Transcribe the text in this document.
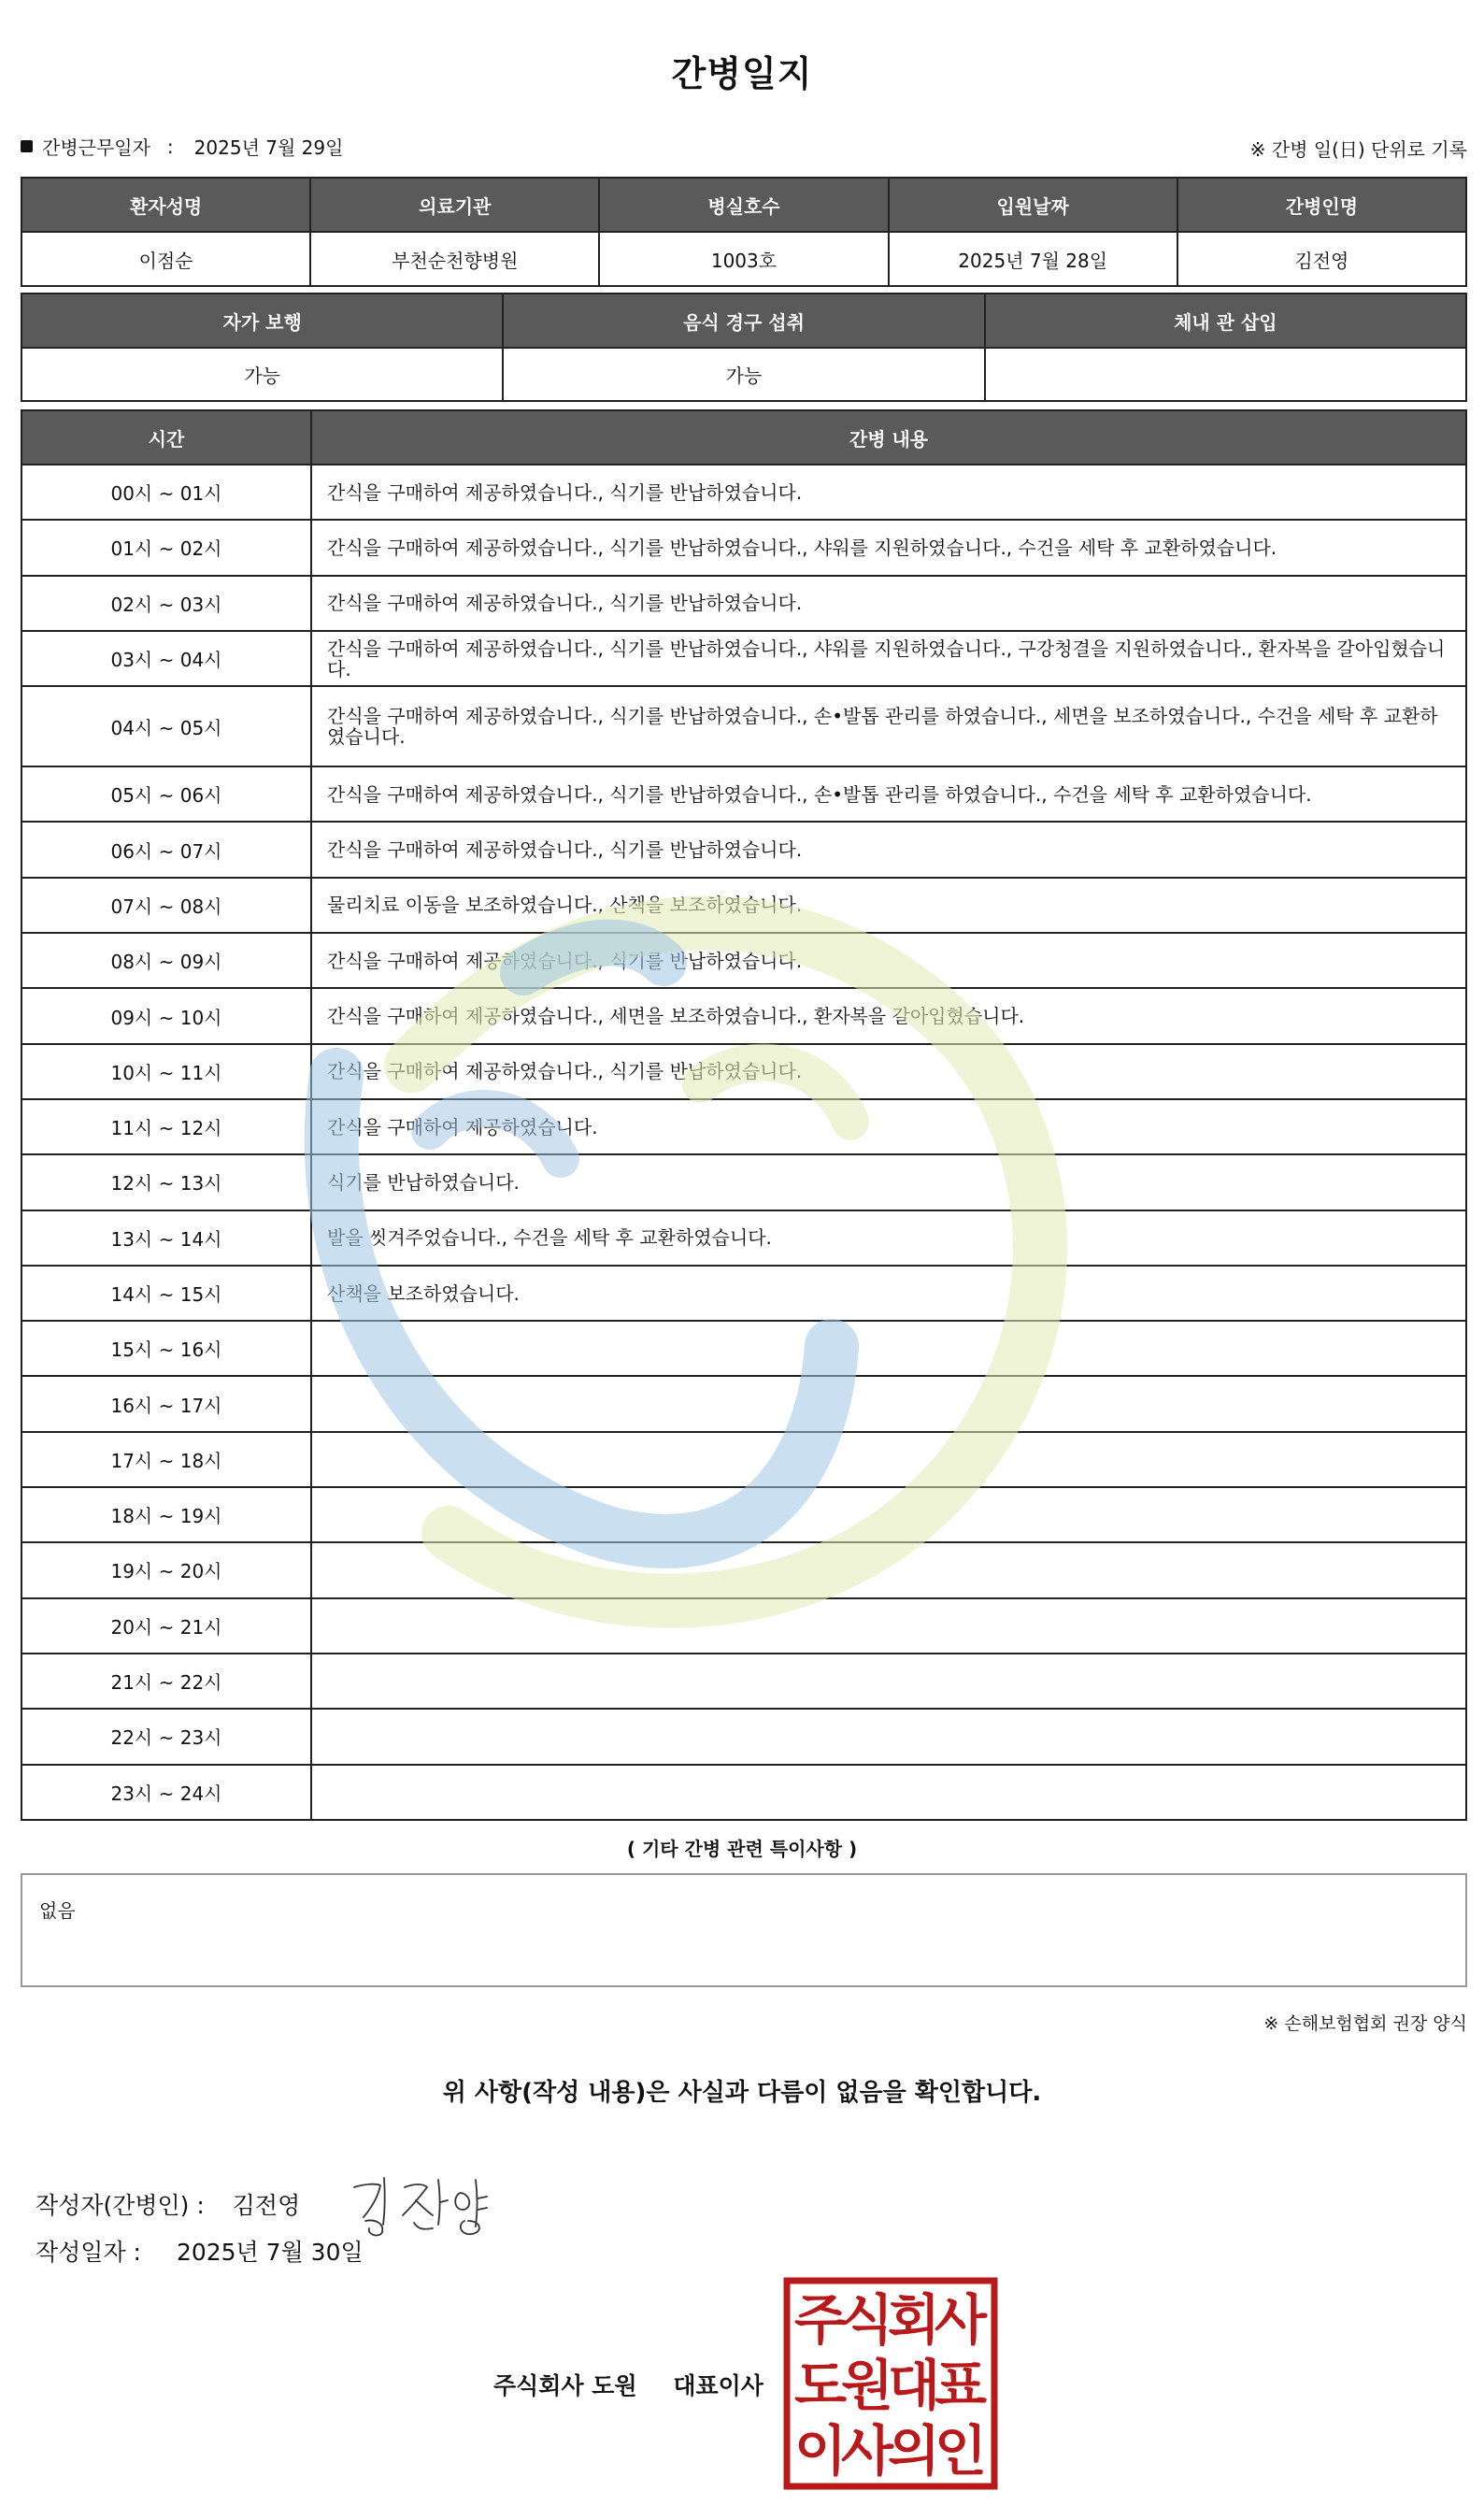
간병일지
간병근무일자 : 2025년 7월 29일	※ 간병 일(日) 단위로 기록
환자성명	의료기관	병실호수	입원날짜	간병인명
이점순	부천순천향병원	1003호	2025년 7월 28일	김전영
자가 보행	음식 경구 섭취	체내 관 삽입
가능	가능	
시간	간병 내용
00시 ~ 01시	간식을 구매하여 제공하였습니다., 식기를 반납하였습니다.
01시 ~ 02시	간식을 구매하여 제공하였습니다., 식기를 반납하였습니다., 샤워를 지원하였습니다., 수건을 세탁 후 교환하였습니다.
02시 ~ 03시	간식을 구매하여 제공하였습니다., 식기를 반납하였습니다.
03시 ~ 04시	간식을 구매하여 제공하였습니다., 식기를 반납하였습니다., 샤워를 지원하였습니다., 구강청결을 지원하였습니다., 환자복을 갈아입혔습니다.
04시 ~ 05시	간식을 구매하여 제공하였습니다., 식기를 반납하였습니다., 손•발톱 관리를 하였습니다., 세면을 보조하였습니다., 수건을 세탁 후 교환하였습니다.
05시 ~ 06시	간식을 구매하여 제공하였습니다., 식기를 반납하였습니다., 손•발톱 관리를 하였습니다., 수건을 세탁 후 교환하였습니다.
06시 ~ 07시	간식을 구매하여 제공하였습니다., 식기를 반납하였습니다.
07시 ~ 08시	물리치료 이동을 보조하였습니다., 산책을 보조하였습니다.
08시 ~ 09시	간식을 구매하여 제공하였습니다., 식기를 반납하였습니다.
09시 ~ 10시	간식을 구매하여 제공하였습니다., 세면을 보조하였습니다., 환자복을 갈아입혔습니다.
10시 ~ 11시	간식을 구매하여 제공하였습니다., 식기를 반납하였습니다.
11시 ~ 12시	간식을 구매하여 제공하였습니다.
12시 ~ 13시	식기를 반납하였습니다.
13시 ~ 14시	발을 씻겨주었습니다., 수건을 세탁 후 교환하였습니다.
14시 ~ 15시	산책을 보조하였습니다.
15시 ~ 16시	
16시 ~ 17시	
17시 ~ 18시	
18시 ~ 19시	
19시 ~ 20시	
20시 ~ 21시	
21시 ~ 22시	
22시 ~ 23시	
23시 ~ 24시	
( 기타 간병 관련 특이사항 )
없음
※ 손해보험협회 권장 양식
위 사항(작성 내용)은 사실과 다름이 없음을 확인합니다.
작성자(간병인) : 김전영
작성일자 : 2025년 7월 30일
주식회사 도원 대표이사
주
식
회
사
도
원
대
표
이
사
의
인
